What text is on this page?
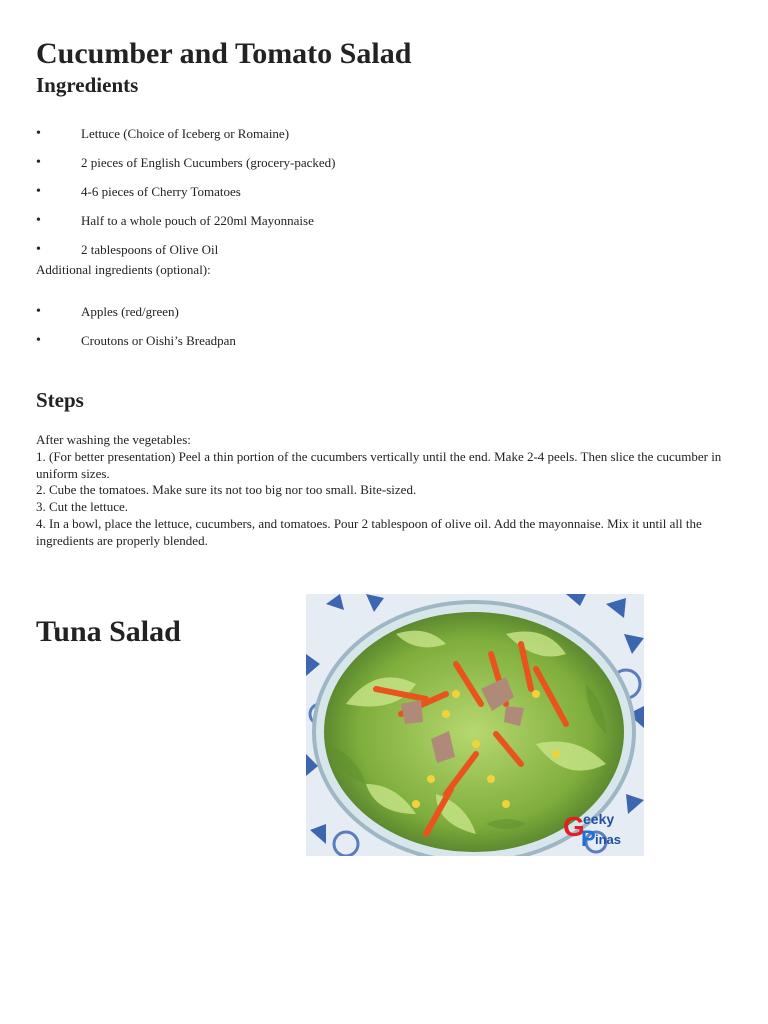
Cucumber and Tomato Salad
Ingredients
•	Lettuce (Choice of Iceberg or Romaine)
•	2 pieces of English Cucumbers (grocery-packed)
•	4-6 pieces of Cherry Tomatoes
•	Half to a whole pouch of 220ml Mayonnaise
•	2 tablespoons of Olive Oil

Additional ingredients (optional):

•	Apples (red/green)
•	Croutons or Oishi’s Breadpan
Steps
After washing the vegetables:
1. (For better presentation) Peel a thin portion of the cucumbers vertically until the end. Make 2-4 peels. Then slice the cucumber in uniform sizes.
2. Cube the tomatoes. Make sure its not too big nor too small. Bite-sized.
3. Cut the lettuce.
4. In a bowl, place the lettuce, cucumbers, and tomatoes. Pour 2 tablespoon of olive oil. Add the mayonnaise. Mix it until all the ingredients are properly blended.
Tuna Salad
G
eeky
P inas
